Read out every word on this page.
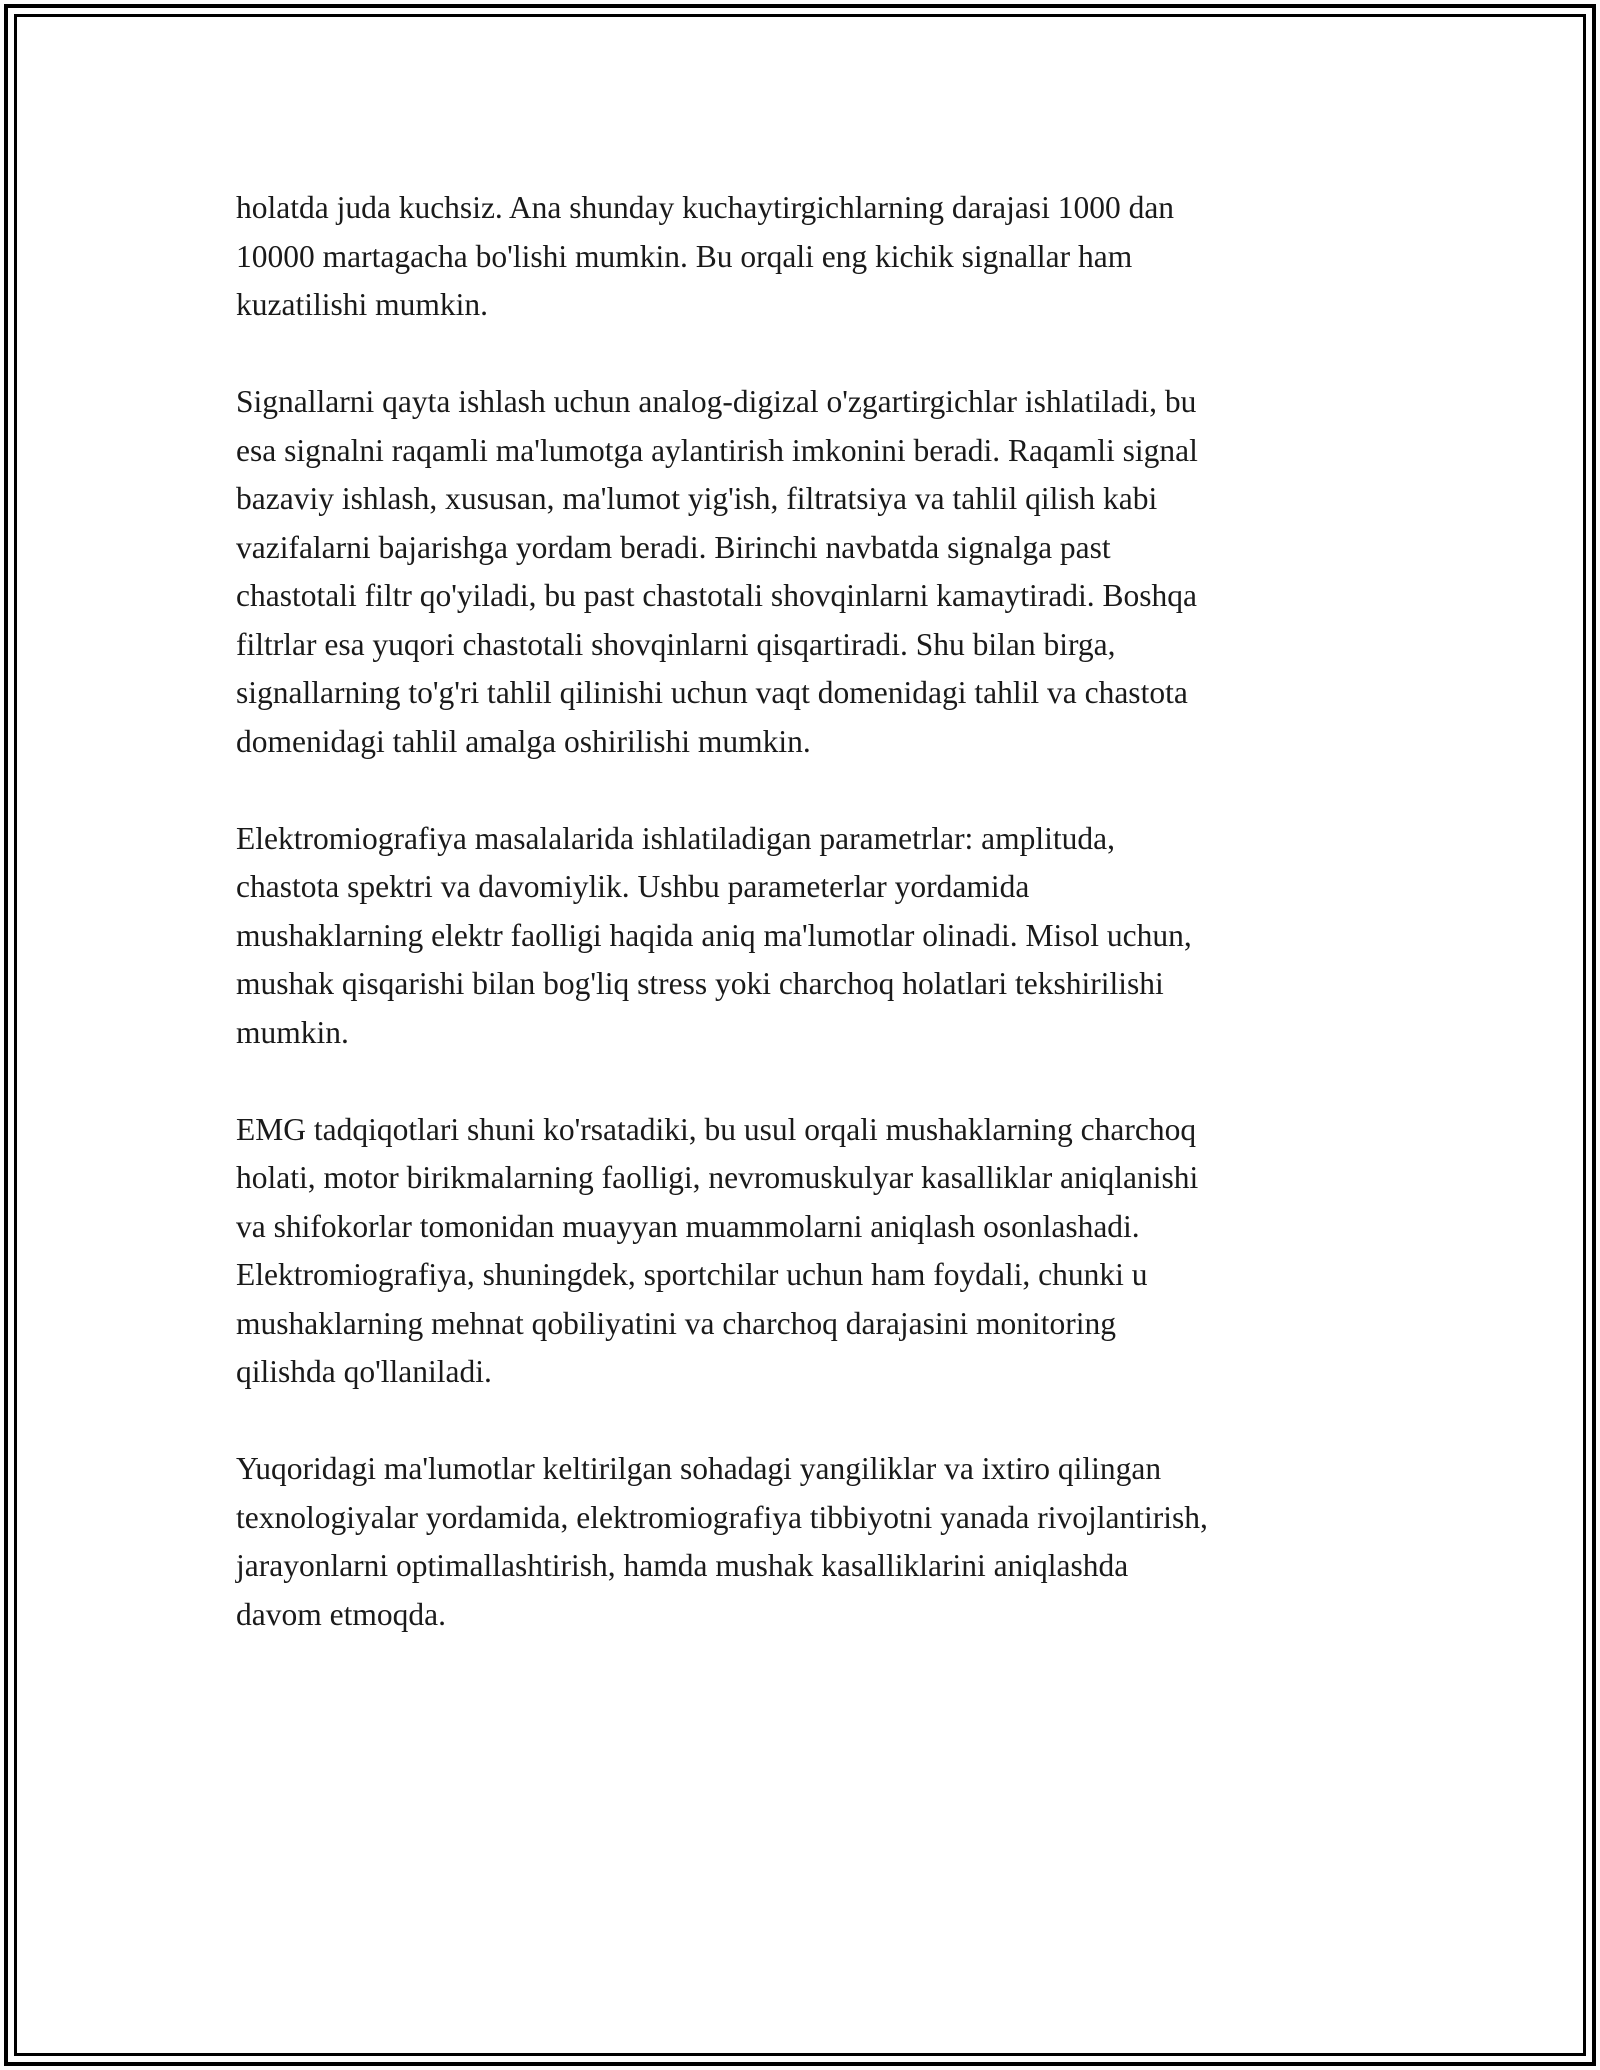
holatda juda kuchsiz. Ana shunday kuchaytirgichlarning darajasi 1000 dan
10000 martagacha bo'lishi mumkin. Bu orqali eng kichik signallar ham
kuzatilishi mumkin.

Signallarni qayta ishlash uchun analog-digizal o'zgartirgichlar ishlatiladi, bu
esa signalni raqamli ma'lumotga aylantirish imkonini beradi. Raqamli signal
bazaviy ishlash, xususan, ma'lumot yig'ish, filtratsiya va tahlil qilish kabi
vazifalarni bajarishga yordam beradi. Birinchi navbatda signalga past
chastotali filtr qo'yiladi, bu past chastotali shovqinlarni kamaytiradi. Boshqa
filtrlar esa yuqori chastotali shovqinlarni qisqartiradi. Shu bilan birga,
signallarning to'g'ri tahlil qilinishi uchun vaqt domenidagi tahlil va chastota
domenidagi tahlil amalga oshirilishi mumkin.

Elektromiografiya masalalarida ishlatiladigan parametrlar: amplituda,
chastota spektri va davomiylik. Ushbu parameterlar yordamida
mushaklarning elektr faolligi haqida aniq ma'lumotlar olinadi. Misol uchun,
mushak qisqarishi bilan bog'liq stress yoki charchoq holatlari tekshirilishi
mumkin.

EMG tadqiqotlari shuni ko'rsatadiki, bu usul orqali mushaklarning charchoq
holati, motor birikmalarning faolligi, nevromuskulyar kasalliklar aniqlanishi
va shifokorlar tomonidan muayyan muammolarni aniqlash osonlashadi.
Elektromiografiya, shuningdek, sportchilar uchun ham foydali, chunki u
mushaklarning mehnat qobiliyatini va charchoq darajasini monitoring
qilishda qo'llaniladi.

Yuqoridagi ma'lumotlar keltirilgan sohadagi yangiliklar va ixtiro qilingan
texnologiyalar yordamida, elektromiografiya tibbiyotni yanada rivojlantirish,
jarayonlarni optimallashtirish, hamda mushak kasalliklarini aniqlashda
davom etmoqda.
